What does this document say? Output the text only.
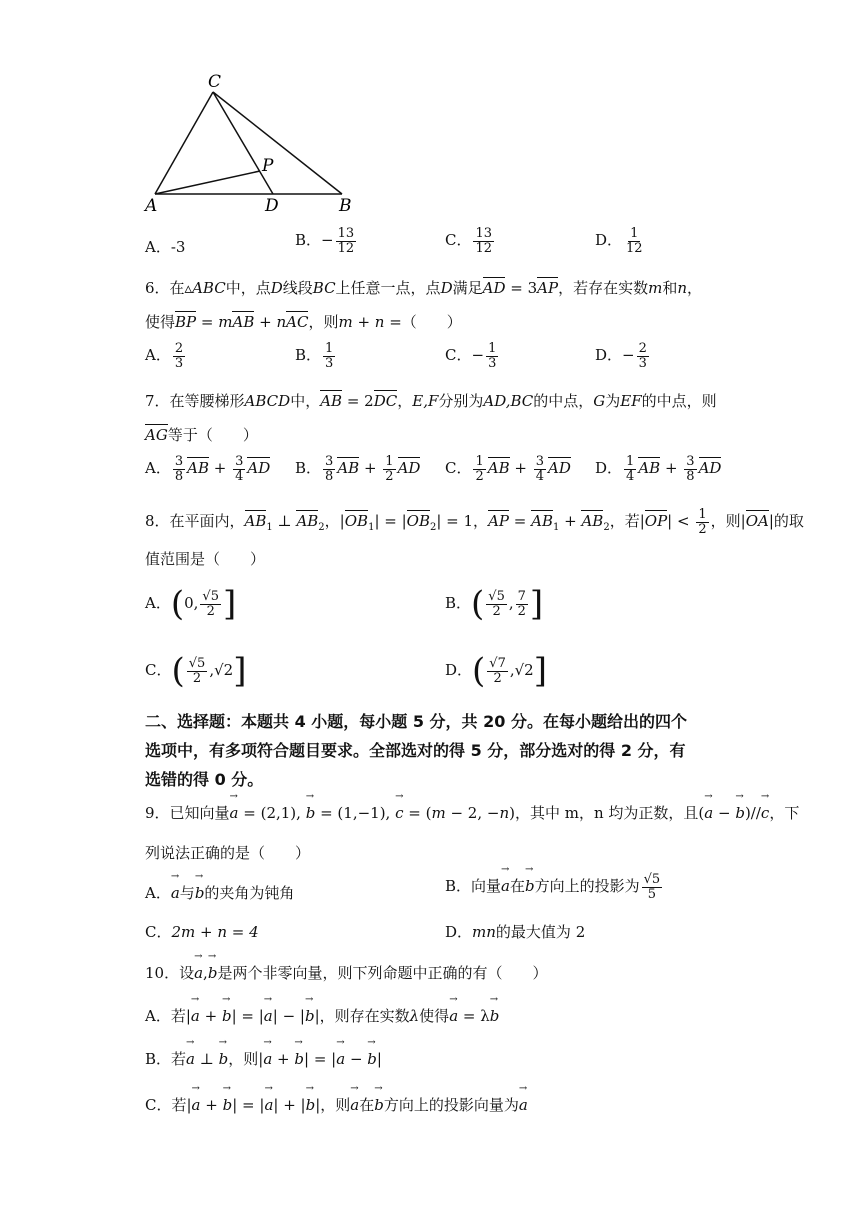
C
P
A	D	B
A．-3	B．− $\frac{13}{12}$	C． $\frac{13}{12}$	D． $\frac{1}{12}$
6．在▵ABC中，点D线段BC上任意一点，点D满足AD = 3AP，若存在实数m和n，
使得BP = mAB + nAC，则m + n =（　　）
A． $\frac{2}{3}$	B． $\frac{1}{3}$	C．− $\frac{1}{3}$	D．− $\frac{2}{3}$
7．在等腰梯形ABCD中，AB = 2DC，E,F分别为AD,BC的中点，G为EF的中点，则
AG等于（　　）
A． $\frac{3}{8}$ AB + $\frac{3}{4}$ AD B． $\frac{3}{8}$ AB + $\frac{1}{2}$ AD C． $\frac{1}{2}$ AB + $\frac{3}{4}$ AD D． $\frac{1}{4}$ AB + $\frac{3}{8}$ AD
8．在平面内，$AB_1$ ⊥ $AB_2$，$|OB_1| = |OB_2| = 1$，AP = $AB_1 + AB_2$，若$|OP| < \frac{1}{2}$ ，则|OA|的取
值范围是（　　）
A．(0, $\frac{√5}{2}$ ]	B．( $\frac{√5}{2}$ , $\frac{7}{2}$ ]
C．( $\frac{√5}{2} ,√2$]	D．( $\frac{√7}{2} ,√2$]
二、选择题：本题共 4 小题，每小题 5 分，共 20 分。在每小题给出的四个
选项中，有多项符合题目要求。全部选对的得 5 分，部分选对的得 2 分，有
选错的得 0 分。
9．已知向量a → = (2,1), b → = (1,−1), c → = (m − 2, −n)，其中 m，n 均为正数，且(a → − b →)//c →，下
列说法正确的是（　　）
A．a →与b →的夹角为钝角	B．向量a →在b →方向上的投影为 $\frac{√5}{5}$
C．2m + n = 4	D．mn的最大值为 2
10．设a →,b →是两个非零向量，则下列命题中正确的有（　　）
A．若|a → + b →| = |a →| − |b →|，则存在实数λ使得a → = λb →
B．若a → ⊥ b →，则|a → + b →| = |a → − b →|
C．若|a → + b →| = |a →| + |b →|，则a →在b →方向上的投影向量为a →
